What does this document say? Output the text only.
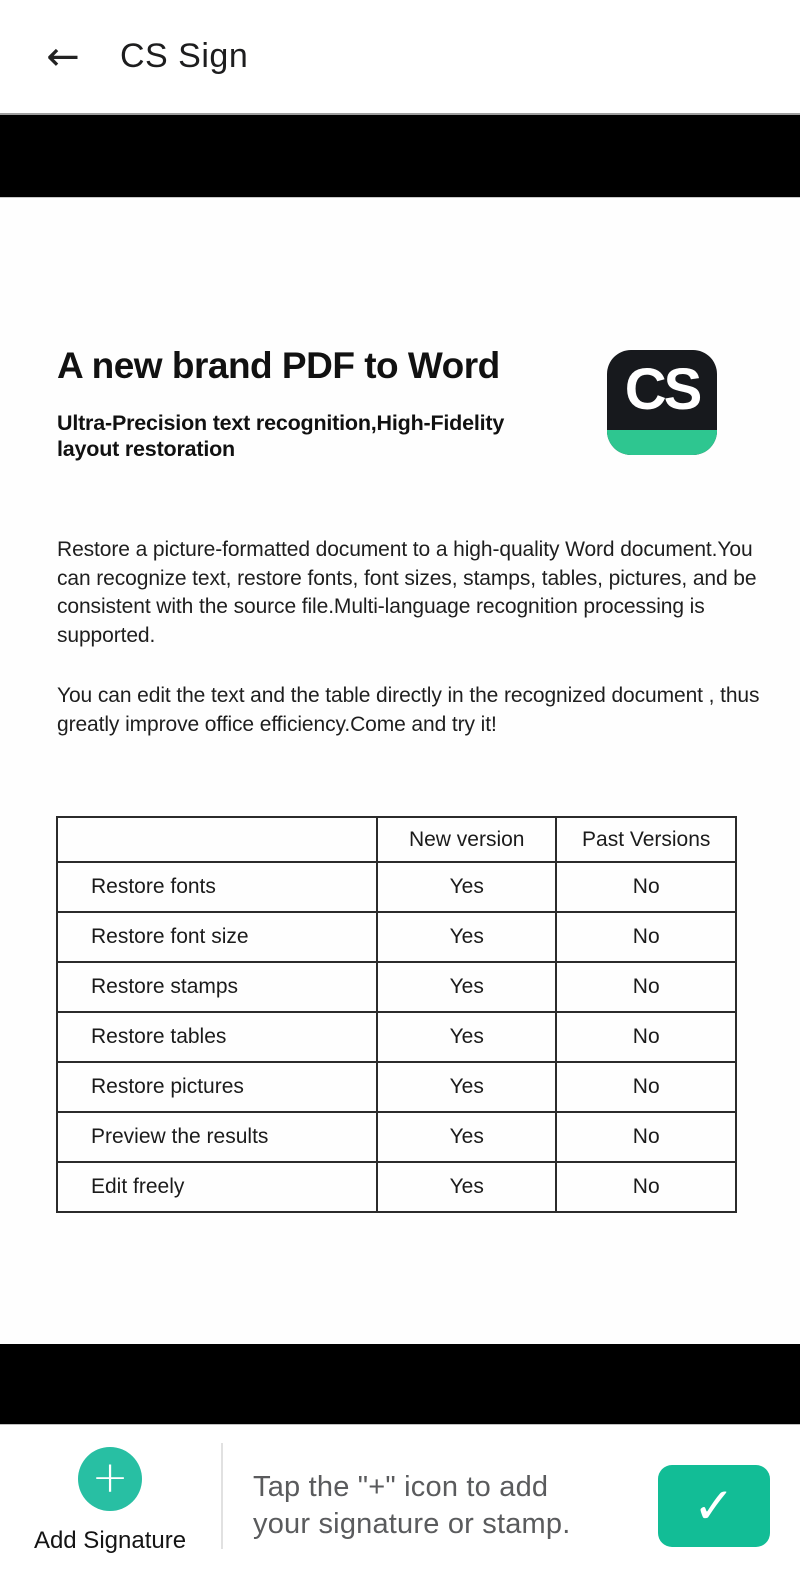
← CS Sign
A new brand PDF to Word
Ultra-Precision text recognition,High-Fidelity layout restoration
CS
Restore a picture-formatted document to a high-quality Word document.You can recognize text, restore fonts, font sizes, stamps, tables, pictures, and be consistent with the source file.Multi-language recognition processing is supported.
You can edit the text and the table directly in the recognized document , thus greatly improve office efficiency.Come and try it!
	New version	Past Versions
Restore fonts	Yes	No
Restore font size	Yes	No
Restore stamps	Yes	No
Restore tables	Yes	No
Restore pictures	Yes	No
Preview the results	Yes	No
Edit freely	Yes	No
+
Add Signature
Tap the "+" icon to add
your signature or stamp. ✓
